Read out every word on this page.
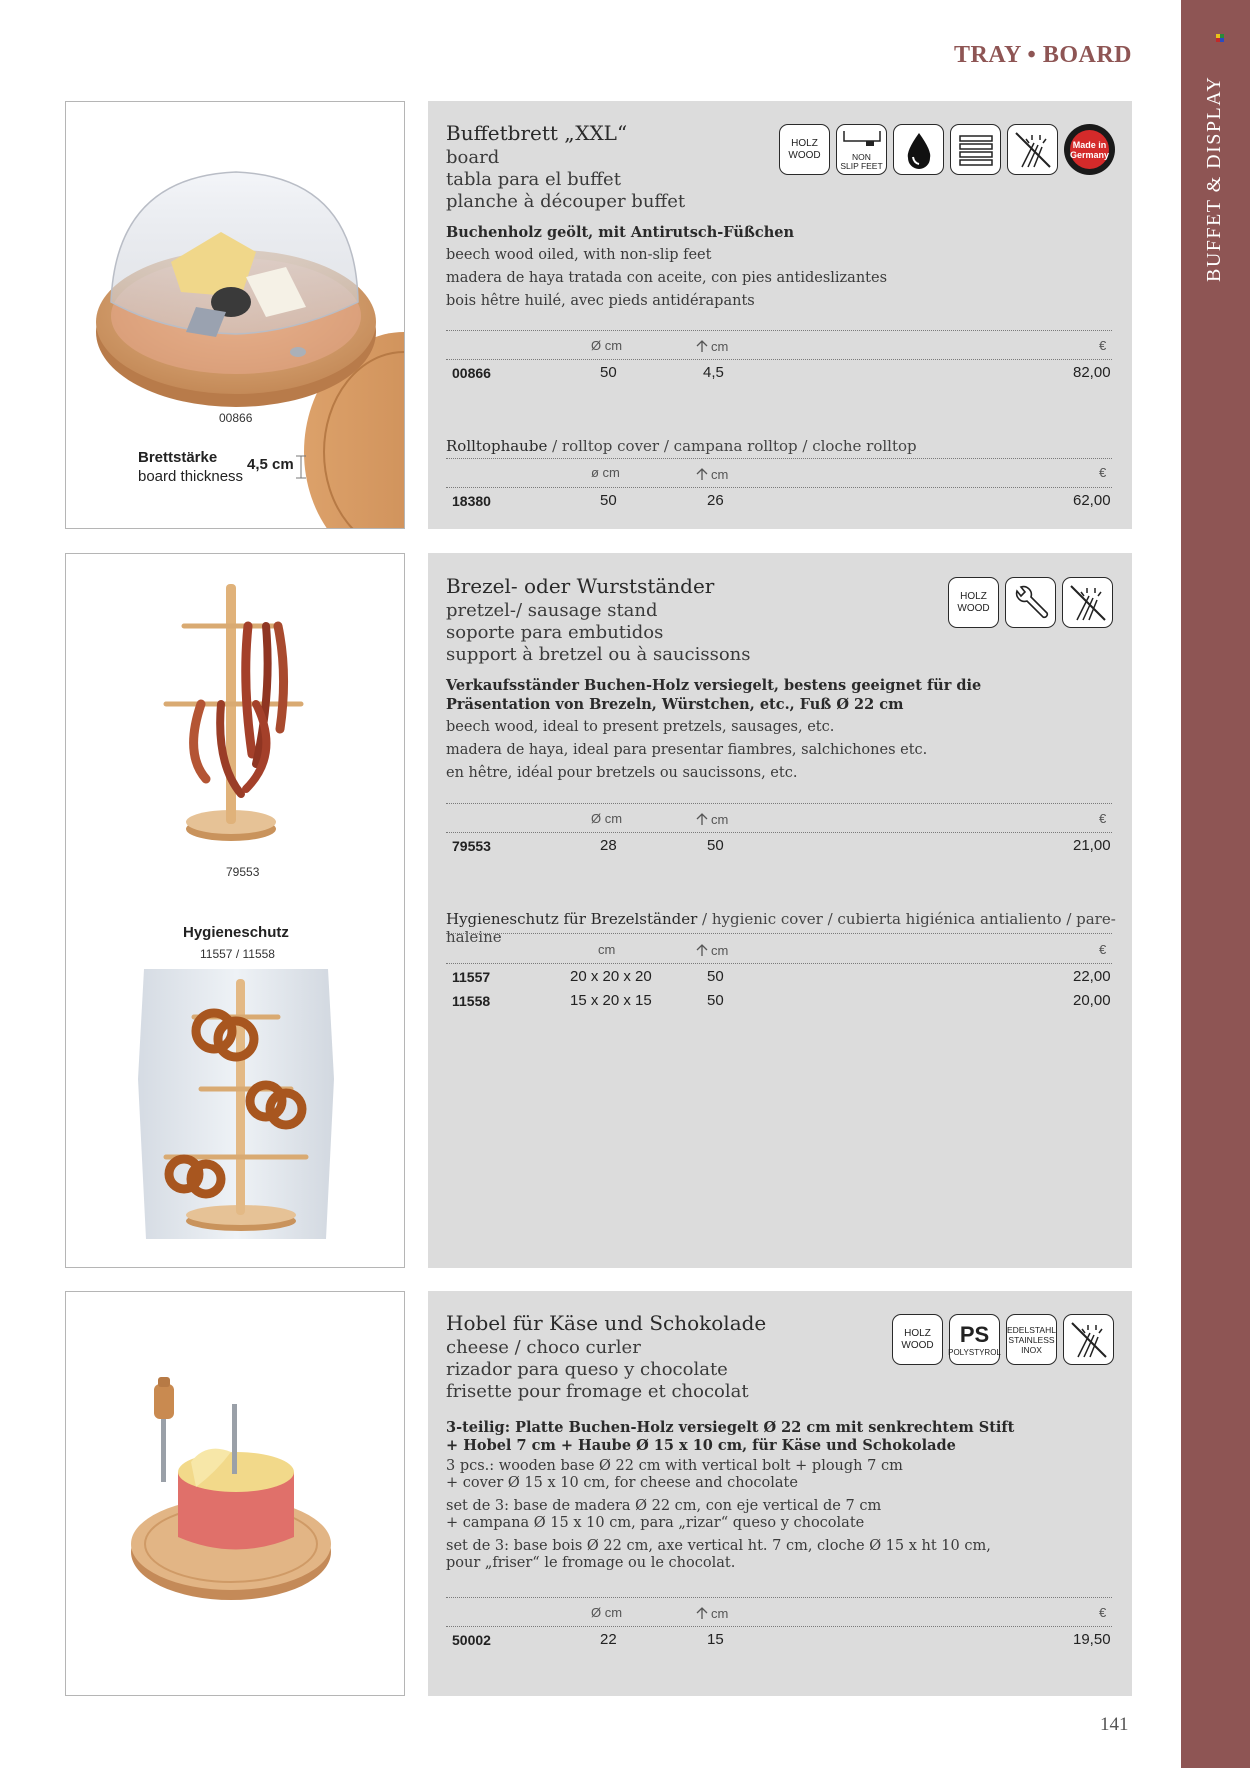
BUFFET & DISPLAY
TRAY • BOARD
00866
Brettstärke
board thickness
4,5 cm
Buffetbrett „XXL“
board
tabla para el buffet
planche à découper buffet
HOLZ
WOOD	NON
SLIP FEET
Made in
Germany
Buchenholz geölt, mit Antirutsch-Füßchen
beech wood oiled, with non-slip feet
madera de haya tratada con aceite, con pies antideslizantes
bois hêtre huilé, avec pieds antidérapants
Ø cm	cm	€
00866	50	4,5	82,00
Rolltophaube / rolltop cover / campana rolltop / cloche rolltop
ø cm	cm	€
18380	50	26	62,00
79553
Hygieneschutz
11557 / 11558
Brezel- oder Wurstständer
pretzel-/ sausage stand
soporte para embutidos
support à bretzel ou à saucissons
HOLZ
WOOD
Verkaufsständer Buchen-Holz versiegelt, bestens geeignet für die
Präsentation von Brezeln, Würstchen, etc., Fuß Ø 22 cm
beech wood, ideal to present pretzels, sausages, etc.
madera de haya, ideal para presentar fiambres, salchichones etc.
en hêtre, idéal pour bretzels ou saucissons, etc.
Ø cm	cm	€
79553	28	50	21,00
Hygieneschutz für Brezelständer / hygienic cover / cubierta higiénica antialiento / pare-haleine
cm	cm	€
11557	20 x 20 x 20	50	22,00
11558	15 x 20 x 15	50	20,00
Hobel für Käse und Schokolade
cheese / choco curler
rizador para queso y chocolate
frisette pour fromage et chocolat
HOLZ
WOOD PS
POLYSTYROL
EDELSTAHL
STAINLESS
INOX
3-teilig: Platte Buchen-Holz versiegelt Ø 22 cm mit senkrechtem Stift
+ Hobel 7 cm + Haube Ø 15 x 10 cm, für Käse und Schokolade
3 pcs.: wooden base Ø 22 cm with vertical bolt + plough 7 cm
+ cover Ø 15 x 10 cm, for cheese and chocolate
set de 3: base de madera Ø 22 cm, con eje vertical de 7 cm
+ campana Ø 15 x 10 cm, para „rizar“ queso y chocolate
set de 3: base bois Ø 22 cm, axe vertical ht. 7 cm, cloche Ø 15 x ht 10 cm,
pour „friser“ le fromage ou le chocolat.
Ø cm	cm	€
50002	22	15	19,50
141
